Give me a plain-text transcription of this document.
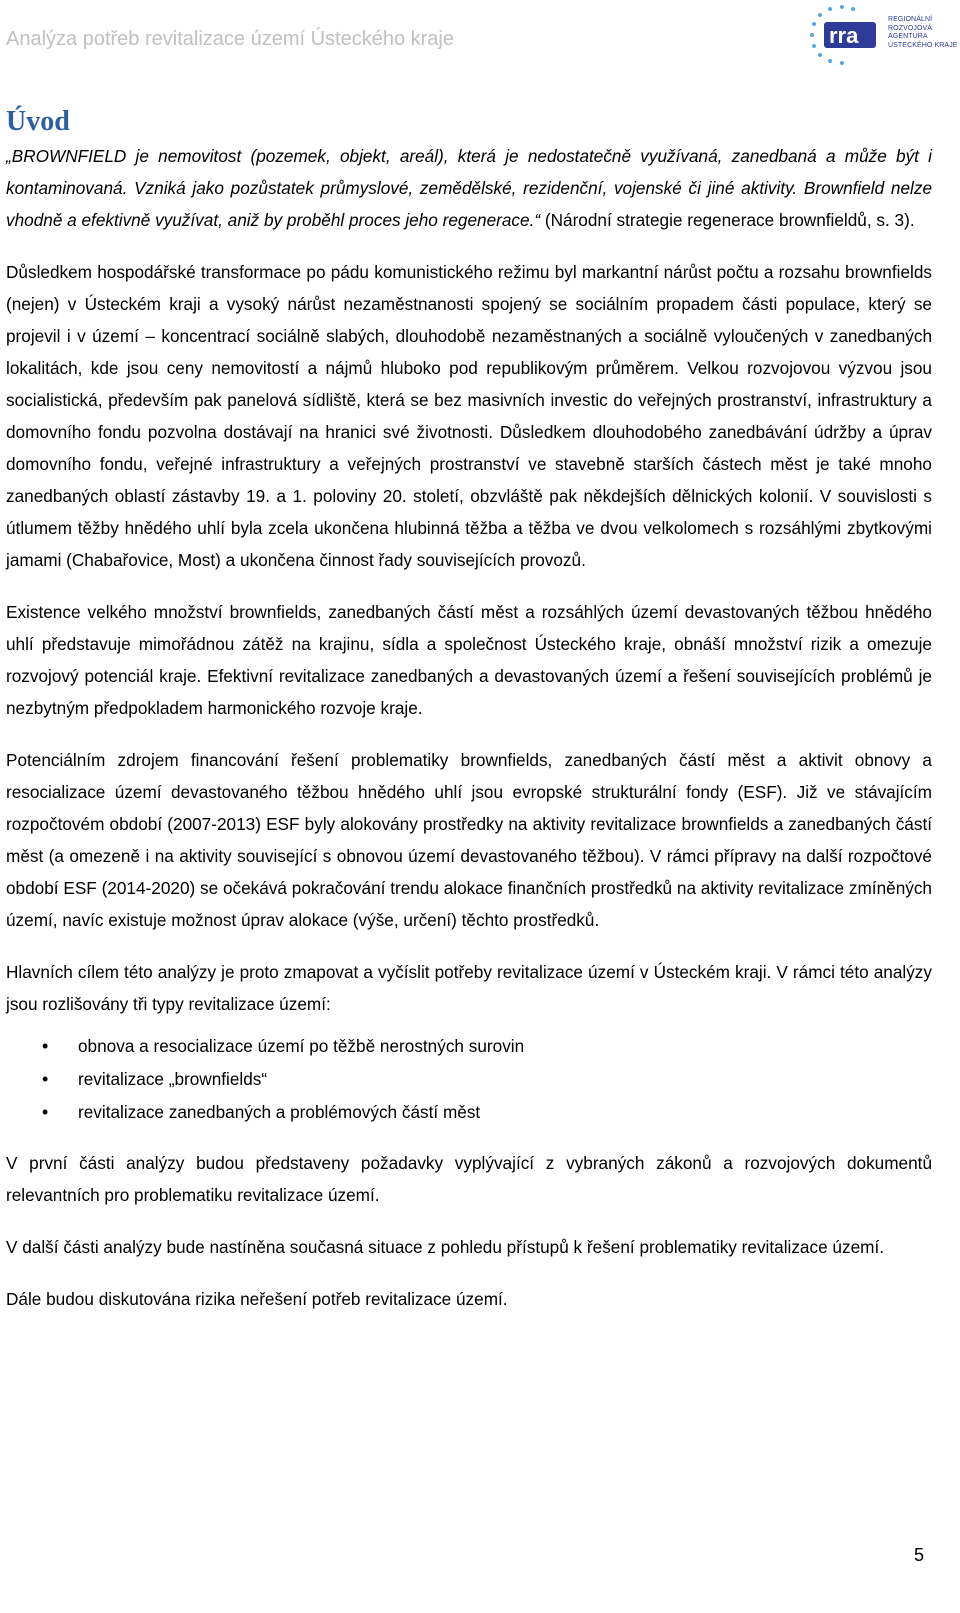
Analýza potřeb revitalizace území Ústeckého kraje	rra
REGIONÁLNÍ
ROZVOJOVÁ
AGENTURA
ÚSTECKÉHO KRAJE
Úvod
„BROWNFIELD je nemovitost (pozemek, objekt, areál), která je nedostatečně využívaná, zanedbaná a může být i kontaminovaná. Vzniká jako pozůstatek průmyslové, zemědělské, rezidenční, vojenské či jiné aktivity. Brownfield nelze vhodně a efektivně využívat, aniž by proběhl proces jeho regenerace.“ (Národní strategie regenerace brownfieldů, s. 3).

Důsledkem hospodářské transformace po pádu komunistického režimu byl markantní nárůst počtu a rozsahu brownfields (nejen) v Ústeckém kraji a vysoký nárůst nezaměstnanosti spojený se sociálním propadem části populace, který se projevil i v území – koncentrací sociálně slabých, dlouhodobě nezaměstnaných a sociálně vyloučených v zanedbaných lokalitách, kde jsou ceny nemovitostí a nájmů hluboko pod republikovým průměrem. Velkou rozvojovou výzvou jsou socialistická, především pak panelová sídliště, která se bez masivních investic do veřejných prostranství, infrastruktury a domovního fondu pozvolna dostávají na hranici své životnosti. Důsledkem dlouhodobého zanedbávání údržby a úprav domovního fondu, veřejné infrastruktury a veřejných prostranství ve stavebně starších částech měst je také mnoho zanedbaných oblastí zástavby 19. a 1. poloviny 20. století, obzvláště pak někdejších dělnických kolonií. V souvislosti s útlumem těžby hnědého uhlí byla zcela ukončena hlubinná těžba a těžba ve dvou velkolomech s rozsáhlými zbytkovými jamami (Chabařovice, Most) a ukončena činnost řady souvisejících provozů.

Existence velkého množství brownfields, zanedbaných částí měst a rozsáhlých území devastovaných těžbou hnědého uhlí představuje mimořádnou zátěž na krajinu, sídla a společnost Ústeckého kraje, obnáší množství rizik a omezuje rozvojový potenciál kraje. Efektivní revitalizace zanedbaných a devastovaných území a řešení souvisejících problémů je nezbytným předpokladem harmonického rozvoje kraje.

Potenciálním zdrojem financování řešení problematiky brownfields, zanedbaných částí měst a aktivit obnovy a resocializace území devastovaného těžbou hnědého uhlí jsou evropské strukturální fondy (ESF). Již ve stávajícím rozpočtovém období (2007-2013) ESF byly alokovány prostředky na aktivity revitalizace brownfields a zanedbaných částí měst (a omezeně i na aktivity související s obnovou území devastovaného těžbou). V rámci přípravy na další rozpočtové období ESF (2014-2020) se očekává pokračování trendu alokace finančních prostředků na aktivity revitalizace zmíněných území, navíc existuje možnost úprav alokace (výše, určení) těchto prostředků.

Hlavních cílem této analýzy je proto zmapovat a vyčíslit potřeby revitalizace území v Ústeckém kraji. V rámci této analýzy jsou rozlišovány tři typy revitalizace území:

• obnova a resocializace území po těžbě nerostných surovin
• revitalizace „brownfields“
• revitalizace zanedbaných a problémových částí měst

V první části analýzy budou představeny požadavky vyplývající z vybraných zákonů a rozvojových dokumentů relevantních pro problematiku revitalizace území.

V další části analýzy bude nastíněna současná situace z pohledu přístupů k řešení problematiky revitalizace území.

Dále budou diskutována rizika neřešení potřeb revitalizace území.

5
